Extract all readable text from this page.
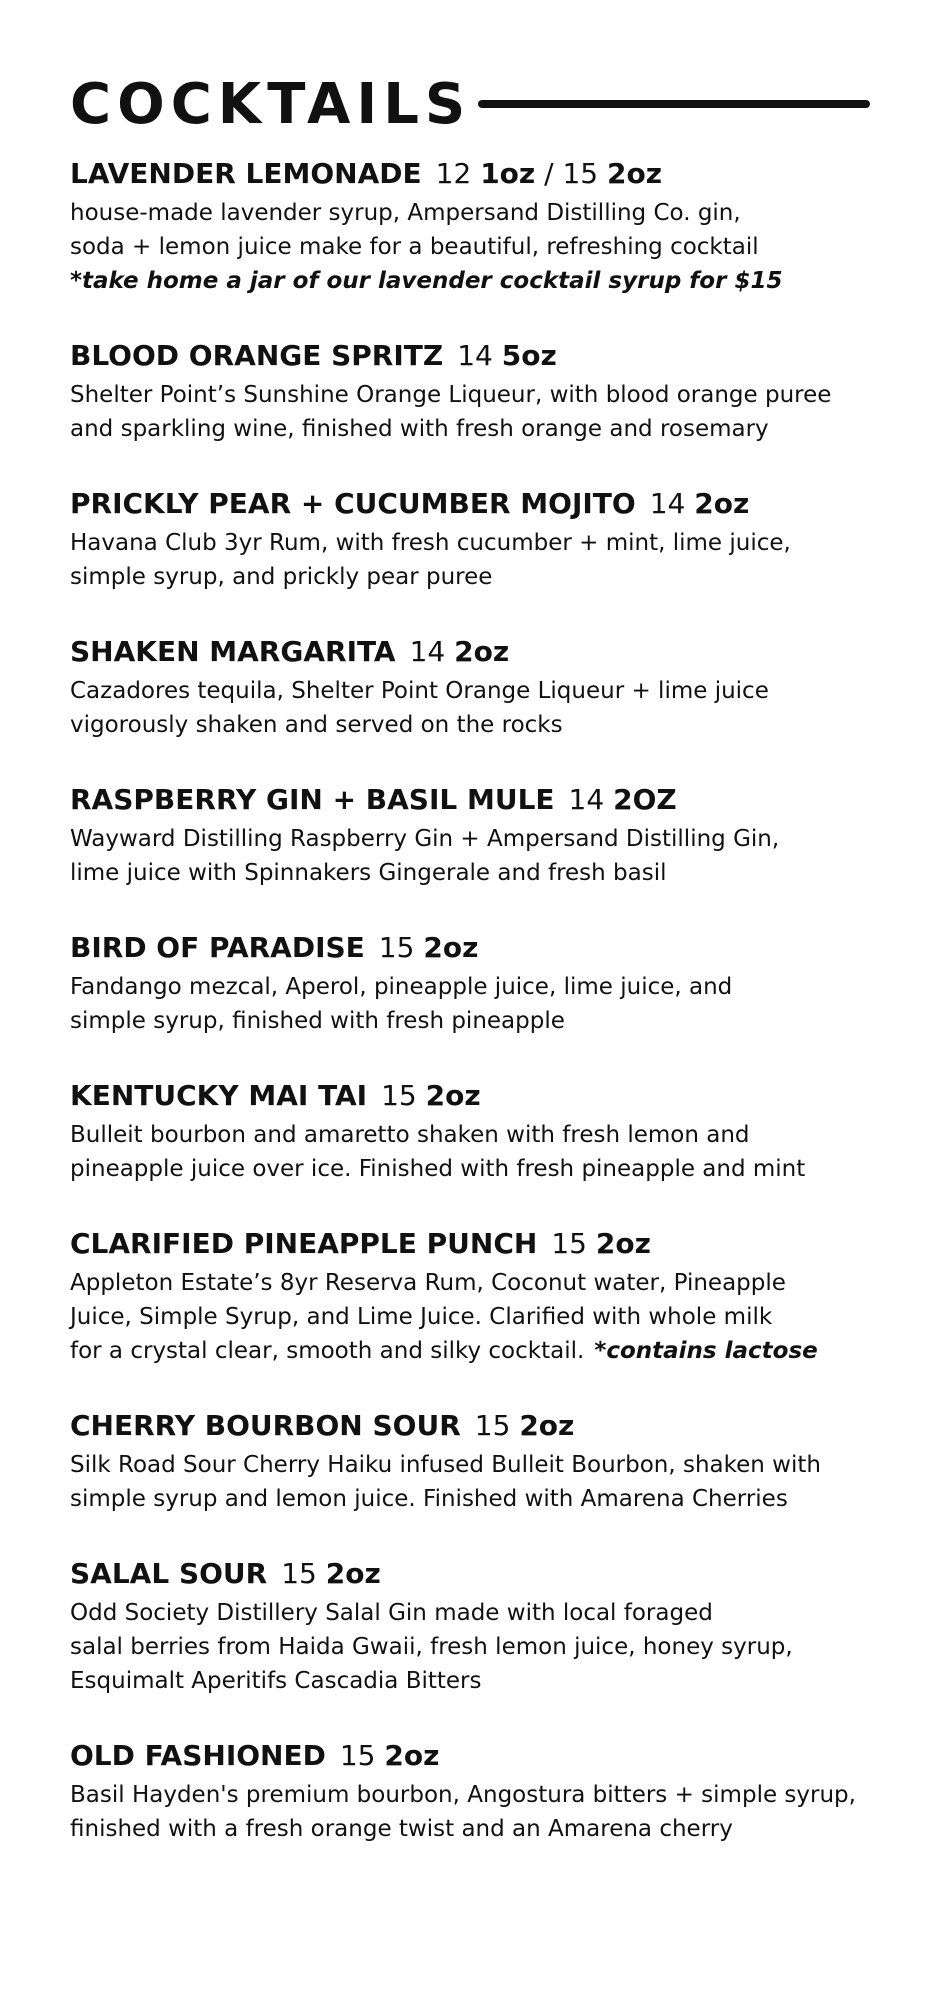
COCKTAILS
LAVENDER LEMONADE 12 1oz / 15 2oz
house-made lavender syrup, Ampersand Distilling Co. gin,
soda + lemon juice make for a beautiful, refreshing cocktail
*take home a jar of our lavender cocktail syrup for $15
BLOOD ORANGE SPRITZ 14 5oz
Shelter Point’s Sunshine Orange Liqueur, with blood orange puree
and sparkling wine, finished with fresh orange and rosemary
PRICKLY PEAR + CUCUMBER MOJITO 14 2oz
Havana Club 3yr Rum, with fresh cucumber + mint, lime juice,
simple syrup, and prickly pear puree
SHAKEN MARGARITA 14 2oz
Cazadores tequila, Shelter Point Orange Liqueur + lime juice
vigorously shaken and served on the rocks
RASPBERRY GIN + BASIL MULE 14 2OZ
Wayward Distilling Raspberry Gin + Ampersand Distilling Gin,
lime juice with Spinnakers Gingerale and fresh basil
BIRD OF PARADISE 15 2oz
Fandango mezcal, Aperol, pineapple juice, lime juice, and
simple syrup, finished with fresh pineapple
KENTUCKY MAI TAI 15 2oz
Bulleit bourbon and amaretto shaken with fresh lemon and
pineapple juice over ice. Finished with fresh pineapple and mint
CLARIFIED PINEAPPLE PUNCH 15 2oz
Appleton Estate’s 8yr Reserva Rum, Coconut water, Pineapple
Juice, Simple Syrup, and Lime Juice. Clarified with whole milk
for a crystal clear, smooth and silky cocktail. *contains lactose
CHERRY BOURBON SOUR 15 2oz
Silk Road Sour Cherry Haiku infused Bulleit Bourbon, shaken with
simple syrup and lemon juice. Finished with Amarena Cherries
SALAL SOUR 15 2oz
Odd Society Distillery Salal Gin made with local foraged
salal berries from Haida Gwaii, fresh lemon juice, honey syrup,
Esquimalt Aperitifs Cascadia Bitters
OLD FASHIONED 15 2oz
Basil Hayden's premium bourbon, Angostura bitters + simple syrup,
finished with a fresh orange twist and an Amarena cherry
